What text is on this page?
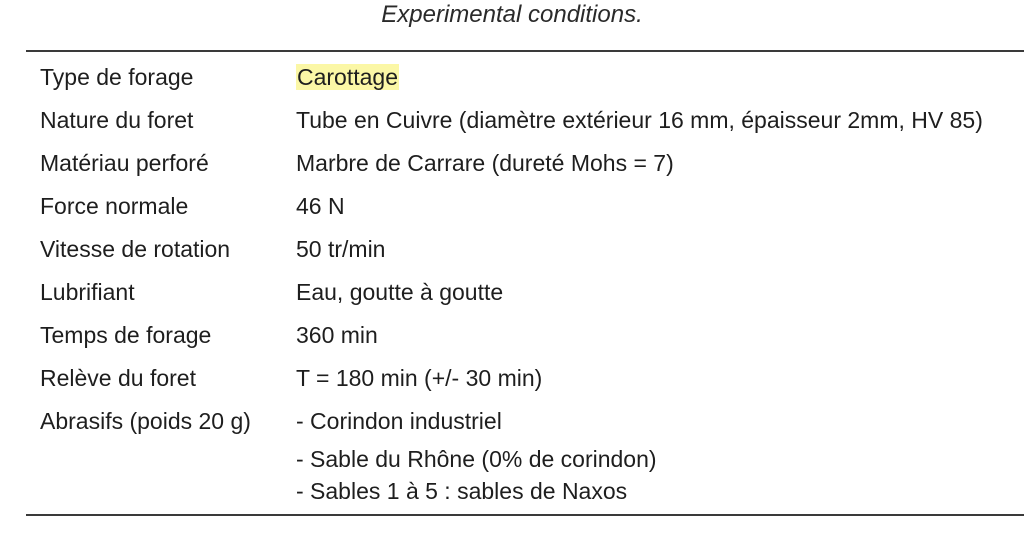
Experimental conditions.
Type de forage	Carottage
Nature du foret	Tube en Cuivre (diamètre extérieur 16 mm, épaisseur 2mm, HV 85)
Matériau perforé	Marbre de Carrare (dureté Mohs = 7)
Force normale	46 N
Vitesse de rotation	50 tr/min
Lubrifiant	Eau, goutte à goutte
Temps de forage	360 min
Relève du foret	T = 180 min (+/- 30 min)
Abrasifs (poids 20 g)	- Corindon industriel
- Sable du Rhône (0% de corindon)
- Sables 1 à 5 : sables de Naxos
